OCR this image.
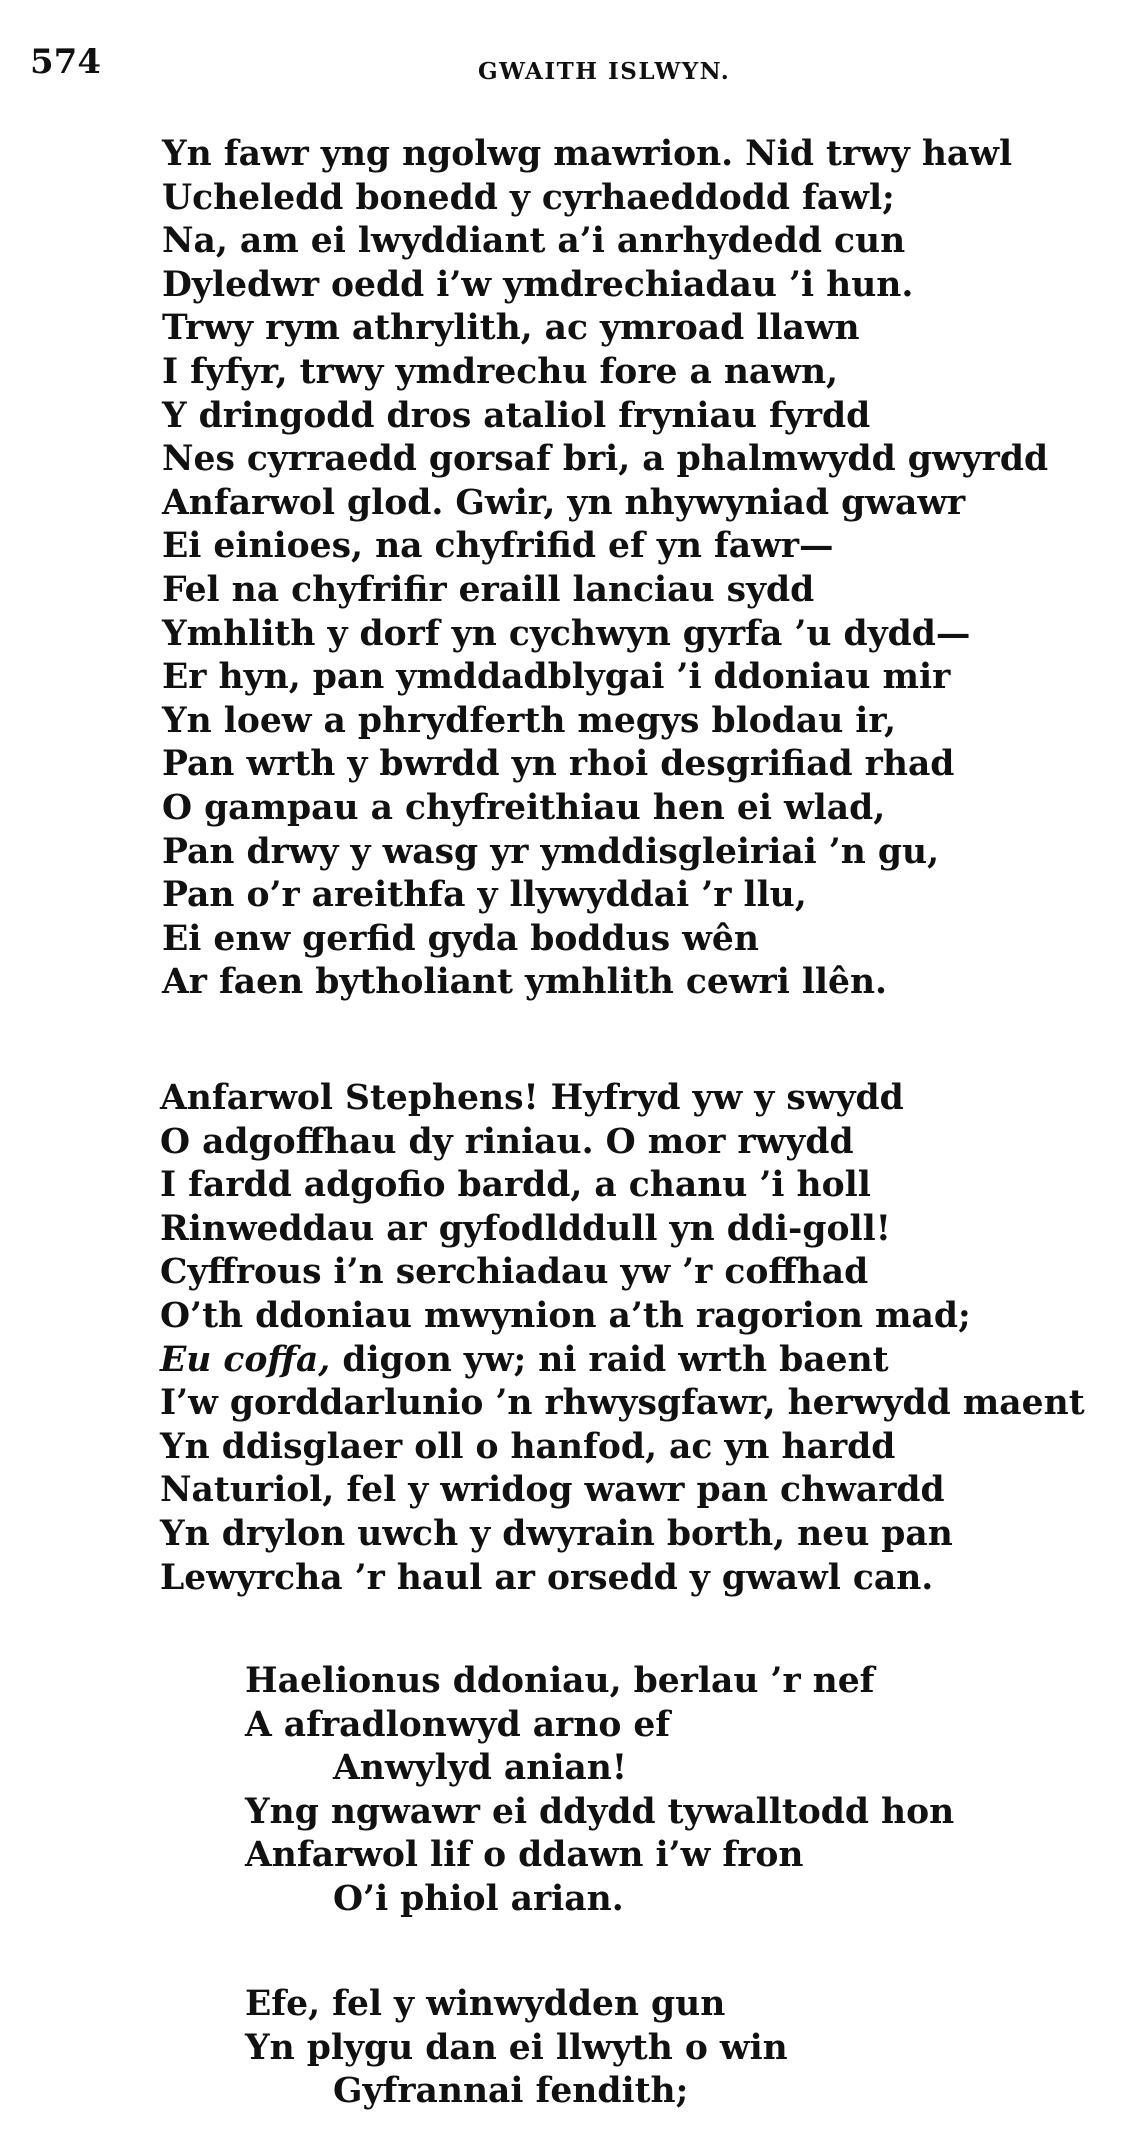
574	GWAITH ISLWYN.
Yn fawr yng ngolwg mawrion. Nid trwy hawl
Ucheledd bonedd y cyrhaeddodd fawl;
Na, am ei lwyddiant a’i anrhydedd cun
Dyledwr oedd i’w ymdrechiadau ’i hun.
Trwy rym athrylith, ac ymroad llawn
I fyfyr, trwy ymdrechu fore a nawn,
Y dringodd dros ataliol fryniau fyrdd
Nes cyrraedd gorsaf bri, a phalmwydd gwyrdd
Anfarwol glod. Gwir, yn nhywyniad gwawr
Ei einioes, na chyfrifid ef yn fawr—
Fel na chyfrifir eraill lanciau sydd
Ymhlith y dorf yn cychwyn gyrfa ’u dydd—
Er hyn, pan ymddadblygai ’i ddoniau mir
Yn loew a phrydferth megys blodau ir,
Pan wrth y bwrdd yn rhoi desgrifiad rhad
O gampau a chyfreithiau hen ei wlad,
Pan drwy y wasg yr ymddisgleiriai ’n gu,
Pan o’r areithfa y llywyddai ’r llu,
Ei enw gerfid gyda boddus wên
Ar faen bytholiant ymhlith cewri llên.
Anfarwol Stephens! Hyfryd yw y swydd
O adgoffhau dy riniau. O mor rwydd
I fardd adgofio bardd, a chanu ’i holl
Rinweddau ar gyfodlddull yn ddi-goll!
Cyffrous i’n serchiadau yw ’r coffhad
O’th ddoniau mwynion a’th ragorion mad;
Eu coffa, digon yw; ni raid wrth baent
I’w gorddarlunio ’n rhwysgfawr, herwydd maent
Yn ddisglaer oll o hanfod, ac yn hardd
Naturiol, fel y wridog wawr pan chwardd
Yn drylon uwch y dwyrain borth, neu pan
Lewyrcha ’r haul ar orsedd y gwawl can.
Haelionus ddoniau, berlau ’r nef
A afradlonwyd arno ef
Anwylyd anian!
Yng ngwawr ei ddydd tywalltodd hon
Anfarwol lif o ddawn i’w fron
O’i phiol arian.
Efe, fel y winwydden gun
Yn plygu dan ei llwyth o win
Gyfrannai fendith;
